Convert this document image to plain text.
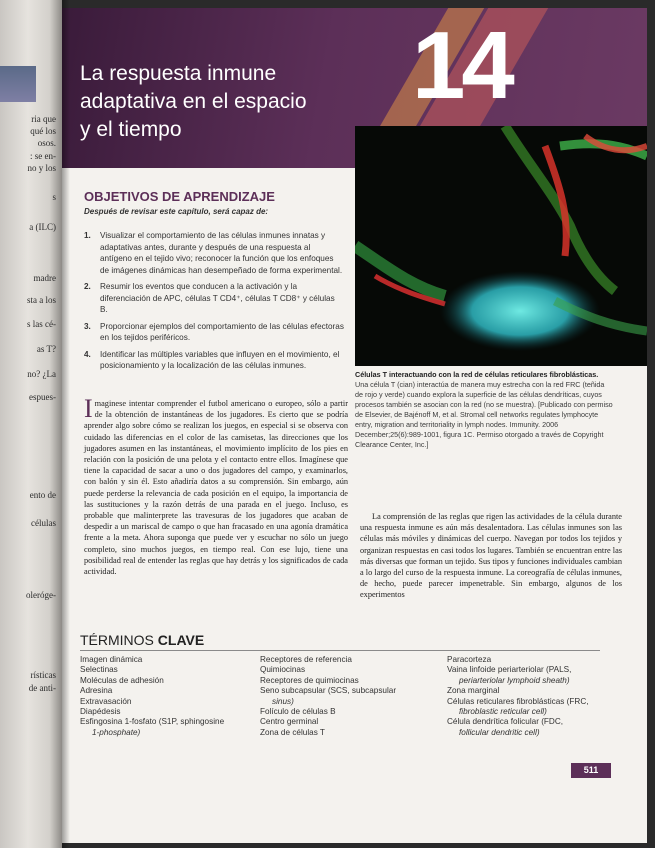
ria que
qué los
osos.
: se en-
no y los
s
a (ILC)
madre
sta a los
s las cé-
as T?
no? ¿La
espues-
ento de
células
oleróge-
rísticas
de anti-
14
La respuesta inmune
adaptativa en el espacio
y el tiempo
Células T interactuando con la red de células reticulares fibroblásticas. Una célula T (cian) interactúa de manera muy estrecha con la red FRC (teñida de rojo y verde) cuando explora la superficie de las células dendríticas, cuyos procesos también se asocian con la red (no se muestra). [Publicado con permiso de Elsevier, de Bajénoff M, et al. Stromal cell networks regulates lymphocyte entry, migration and territoriality in lymph nodes. Immunity. 2006 December;25(6):989-1001, figura 1C. Permiso otorgado a través de Copyright Clearance Center, Inc.]
OBJETIVOS DE APRENDIZAJE
Después de revisar este capítulo, será capaz de:
1. Visualizar el comportamiento de las células inmunes innatas y adaptativas antes, durante y después de una respuesta al antígeno en el tejido vivo; reconocer la función que los enfoques de imágenes dinámicas han desempeñado de forma experimental.
2. Resumir los eventos que conducen a la activación y la diferenciación de APC, células T CD4⁺, células T CD8⁺ y células B.
3. Proporcionar ejemplos del comportamiento de las células efectoras en los tejidos periféricos.
4. Identificar las múltiples variables que influyen en el movimiento, el posicionamiento y la localización de las células inmunes.
Imaginese intentar comprender el futbol americano o europeo, sólo a partir de la obtención de instantáneas de los jugadores. Es cierto que se podría aprender algo sobre cómo se realizan los juegos, en especial si se observa con cuidado las diferencias en el color de las camisetas, las direcciones que los jugadores asumen en las instantáneas, el movimiento implícito de los pies en relación con la posición de una pelota y el contacto entre ellos. Imagínese que tiene la capacidad de sacar a uno o dos jugadores del campo, y examinarlos, con balón y sin él. Esto añadiría datos a su comprensión. Sin embargo, aún puede perderse la relevancia de cada posición en el equipo, la importancia de las sustituciones y la razón detrás de una parada en el juego. Incluso, es probable que malinterprete las travesuras de los jugadores que acaban de despedir a un mariscal de campo o que han fracasado en una agonía dramática frente a la meta. Ahora suponga que puede ver y escuchar no sólo un juego completo, sino muchos juegos, en tiempo real. Con ese lujo, tiene una posibilidad real de entender las reglas que hay detrás y los significados de cada actividad.

La comprensión de las reglas que rigen las actividades de la célula durante una respuesta inmune es aún más desalentadora. Las células inmunes son las células más móviles y dinámicas del cuerpo. Navegan por todos los tejidos y organizan respuestas en casi todos los lugares. También se encuentran entre las más diversas que forman un tejido. Sus tipos y funciones individuales cambian a lo largo del curso de la respuesta inmune. La coreografía de células inmunes, de hecho, puede parecer impenetrable. Sin embargo, algunos de los experimentos

TÉRMINOS CLAVE
Imagen dinámica
Selectinas
Moléculas de adhesión
Adresina
Extravasación
Diapédesis
Esfingosina 1-fosfato (S1P, sphingosine
1-phosphate)
Receptores de referencia
Quimiocinas
Receptores de quimiocinas
Seno subcapsular (SCS, subcapsular
sinus)
Folículo de células B
Centro germinal
Zona de células T
Paracorteza
Vaina linfoide periarteriolar (PALS,
periarteriolar lymphoid sheath)
Zona marginal
Células reticulares fibroblásticas (FRC,
fibroblastic reticular cell)
Célula dendrítica folicular (FDC,
follicular dendritic cell)
511
